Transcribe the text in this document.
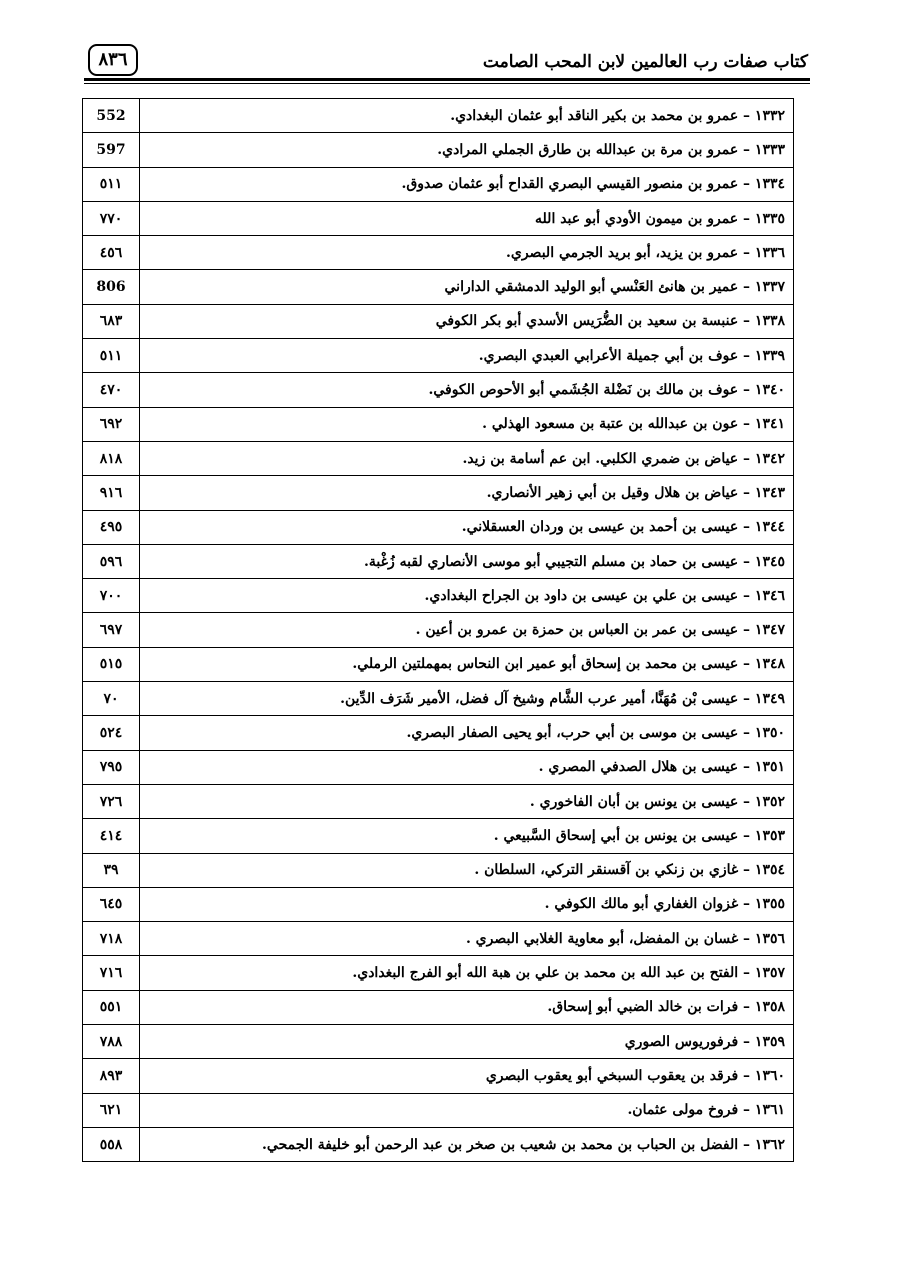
كتاب صفات رب العالمين لابن المحب الصامت
٨٣٦
552	١٣٣٢ – عمرو بن محمد بن بكير الناقد أبو عثمان البغدادي.
597	١٣٣٣ – عمرو بن مرة بن عبدالله بن طارق الجملي المرادي.
٥١١	١٣٣٤ – عمرو بن منصور القيسي البصري القداح أبو عثمان صدوق.
٧٧٠	١٣٣٥ – عمرو بن ميمون الأودي أبو عبد الله
٤٥٦	١٣٣٦ – عمرو بن يزيد، أبو بريد الجرمي البصري.
806	١٣٣٧ – عمير بن هانئ العَنْسي أبو الوليد الدمشقي الداراني
٦٨٣	١٣٣٨ – عنبسة بن سعيد بن الضُّرَيس الأسدي أبو بكر الكوفي
٥١١	١٣٣٩ – عوف بن أبي جميلة الأعرابي العبدي البصري.
٤٧٠	١٣٤٠ – عوف بن مالك بن نَضْلة الجُشَمي أبو الأحوص الكوفي.
٦٩٢	١٣٤١ – عون بن عبدالله بن عتبة بن مسعود الهذلي .
٨١٨	١٣٤٢ – عياض بن ضمري الكلبي. ابن عم أسامة بن زيد.
٩١٦	١٣٤٣ – عياض بن هلال وقيل بن أبي زهير الأنصاري.
٤٩٥	١٣٤٤ – عيسى بن أحمد بن عيسى بن وردان العسقلاني.
٥٩٦	١٣٤٥ – عيسى بن حماد بن مسلم التجيبي أبو موسى الأنصاري لقبه زُغْبة.
٧٠٠	١٣٤٦ – عيسى بن علي بن عيسى بن داود بن الجراح البغدادي.
٦٩٧	١٣٤٧ – عيسى بن عمر بن العباس بن حمزة بن عمرو بن أعين .
٥١٥	١٣٤٨ – عيسى بن محمد بن إسحاق أبو عمير ابن النحاس بمهملتين الرملي.
٧٠	١٣٤٩ – عيسى بْن مُهَنَّا، أمير عرب الشَّام وشيخ آل فضل، الأمير شَرَف الدِّين.
٥٢٤	١٣٥٠ – عيسى بن موسى بن أبي حرب، أبو يحيى الصفار البصري.
٧٩٥	١٣٥١ – عيسى بن هلال الصدفي المصري .
٧٢٦	١٣٥٢ – عيسى بن يونس بن أبان الفاخوري .
٤١٤	١٣٥٣ – عيسى بن يونس بن أبي إسحاق السَّبيعي .
٣٩	١٣٥٤ – غازي بن زنكي بن آقسنقر التركي، السلطان .
٦٤٥	١٣٥٥ – غزوان الغفاري أبو مالك الكوفي .
٧١٨	١٣٥٦ – غسان بن المفضل، أبو معاوية الغلابي البصري .
٧١٦	١٣٥٧ – الفتح بن عبد الله بن محمد بن علي بن هبة الله أبو الفرج البغدادي.
٥٥١	١٣٥٨ – فرات بن خالد الضبي أبو إسحاق.
٧٨٨	١٣٥٩ – فرفوريوس الصوري
٨٩٣	١٣٦٠ – فرقد بن يعقوب السبخي أبو يعقوب البصري
٦٢١	١٣٦١ – فروخ مولى عثمان.
٥٥٨	١٣٦٢ – الفضل بن الحباب بن محمد بن شعيب بن صخر بن عبد الرحمن أبو خليفة الجمحي.
